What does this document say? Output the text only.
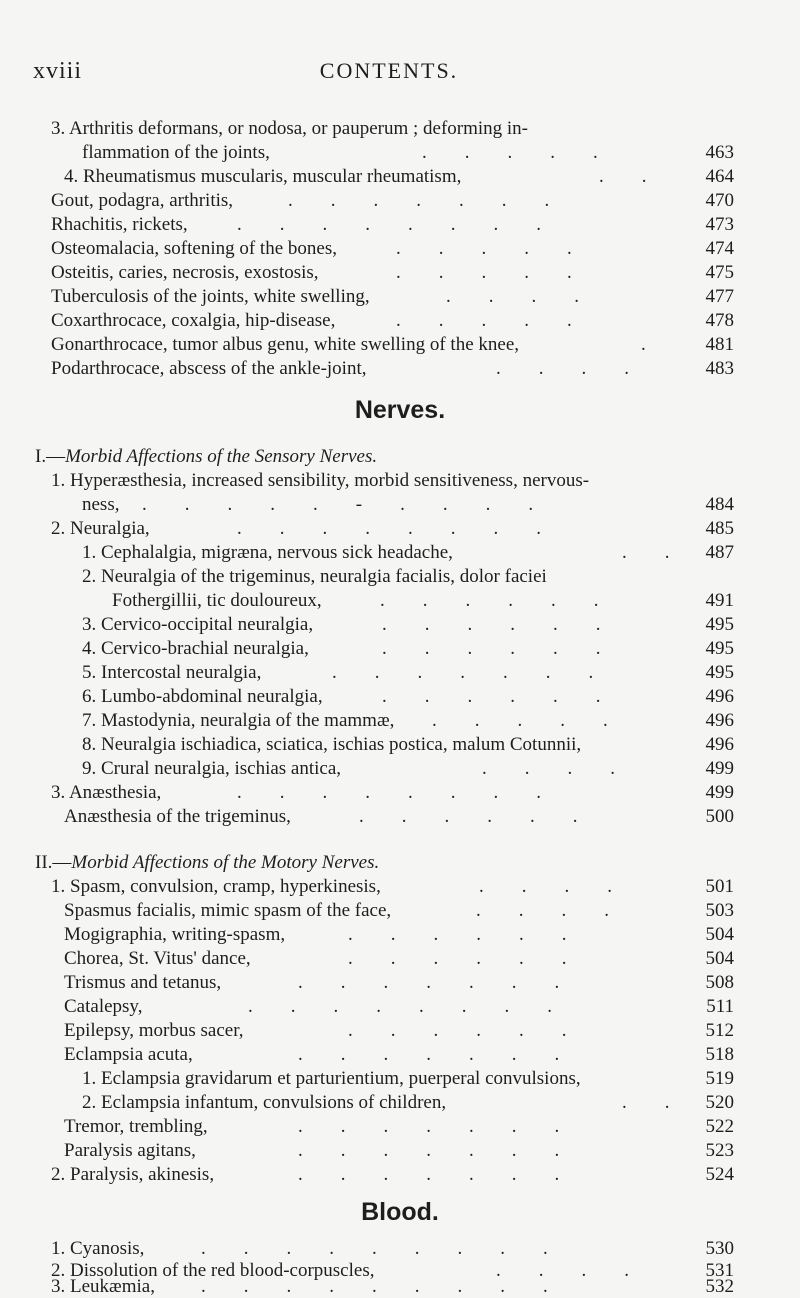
xviii	CONTENTS.
3. Arthritis deformans, or nodosa, or pauperum ; deforming in-
flammation of the joints,	.        .        .        .        .	463
4. Rheumatismus muscularis, muscular rheumatism,	.        .	464
Gout, podagra, arthritis,	.        .        .        .        .        .        .	470
Rhachitis, rickets,	.        .        .        .        .        .        .        .	473
Osteomalacia, softening of the bones,	.        .        .        .        .	474
Osteitis, caries, necrosis, exostosis,	.        .        .        .        .	475
Tuberculosis of the joints, white swelling,	.        .        .        .	477
Coxarthrocace, coxalgia, hip-disease,	.        .        .        .        .	478
Gonarthrocace, tumor albus genu, white swelling of the knee,	.	481
Podarthrocace, abscess of the ankle-joint,	.        .        .        .	483
Nerves.
I.—Morbid Affections of the Sensory Nerves.
1. Hyperæsthesia, increased sensibility, morbid sensitiveness, nervous-
ness, .        .        .        .        .        -        .        .        .        .	484
2. Neuralgia,	.        .        .        .        .        .        .        .	485
1. Cephalalgia, migræna, nervous sick headache,	.        .	487
2. Neuralgia of the trigeminus, neuralgia facialis, dolor faciei
Fothergillii, tic douloureux,	.        .        .        .        .        .	491
3. Cervico-occipital neuralgia,	.        .        .        .        .        .	495
4. Cervico-brachial neuralgia,	.        .        .        .        .        .	495
5. Intercostal neuralgia,	.        .        .        .        .        .        .	495
6. Lumbo-abdominal neuralgia,	.        .        .        .        .        .	496
7. Mastodynia, neuralgia of the mammæ, .        .        .        .        .	496
8. Neuralgia ischiadica, sciatica, ischias postica, malum Cotunnii,	496
9. Crural neuralgia, ischias antica,	.        .        .        .	499
3. Anæsthesia,	.        .        .        .        .        .        .        .	499
Anæsthesia of the trigeminus,	.        .        .        .        .        .	500
II.—Morbid Affections of the Motory Nerves.
1. Spasm, convulsion, cramp, hyperkinesis,	.        .        .        .	501
Spasmus facialis, mimic spasm of the face,	.        .        .        .	503
Mogigraphia, writing-spasm,	.        .        .        .        .        .	504
Chorea, St. Vitus' dance,	.        .        .        .        .        .	504
Trismus and tetanus,	.        .        .        .        .        .        .	508
Catalepsy,	.        .        .        .        .        .        .        .	511
Epilepsy, morbus sacer,	.        .        .        .        .        .	512
Eclampsia acuta,	.        .        .        .        .        .        .	518
1. Eclampsia gravidarum et parturientium, puerperal convulsions,	519
2. Eclampsia infantum, convulsions of children,	.        .	520
Tremor, trembling,	.        .        .        .        .        .        .	522
Paralysis agitans,	.        .        .        .        .        .        .	523
2. Paralysis, akinesis,	.        .        .        .        .        .        .	524
Blood.
1. Cyanosis,	.        .        .        .        .        .        .        .        .	530
2. Dissolution of the red blood-corpuscles,	.        .        .        .	531
3. Leukæmia, .        .        .        .        .        .        .        .        .	532
